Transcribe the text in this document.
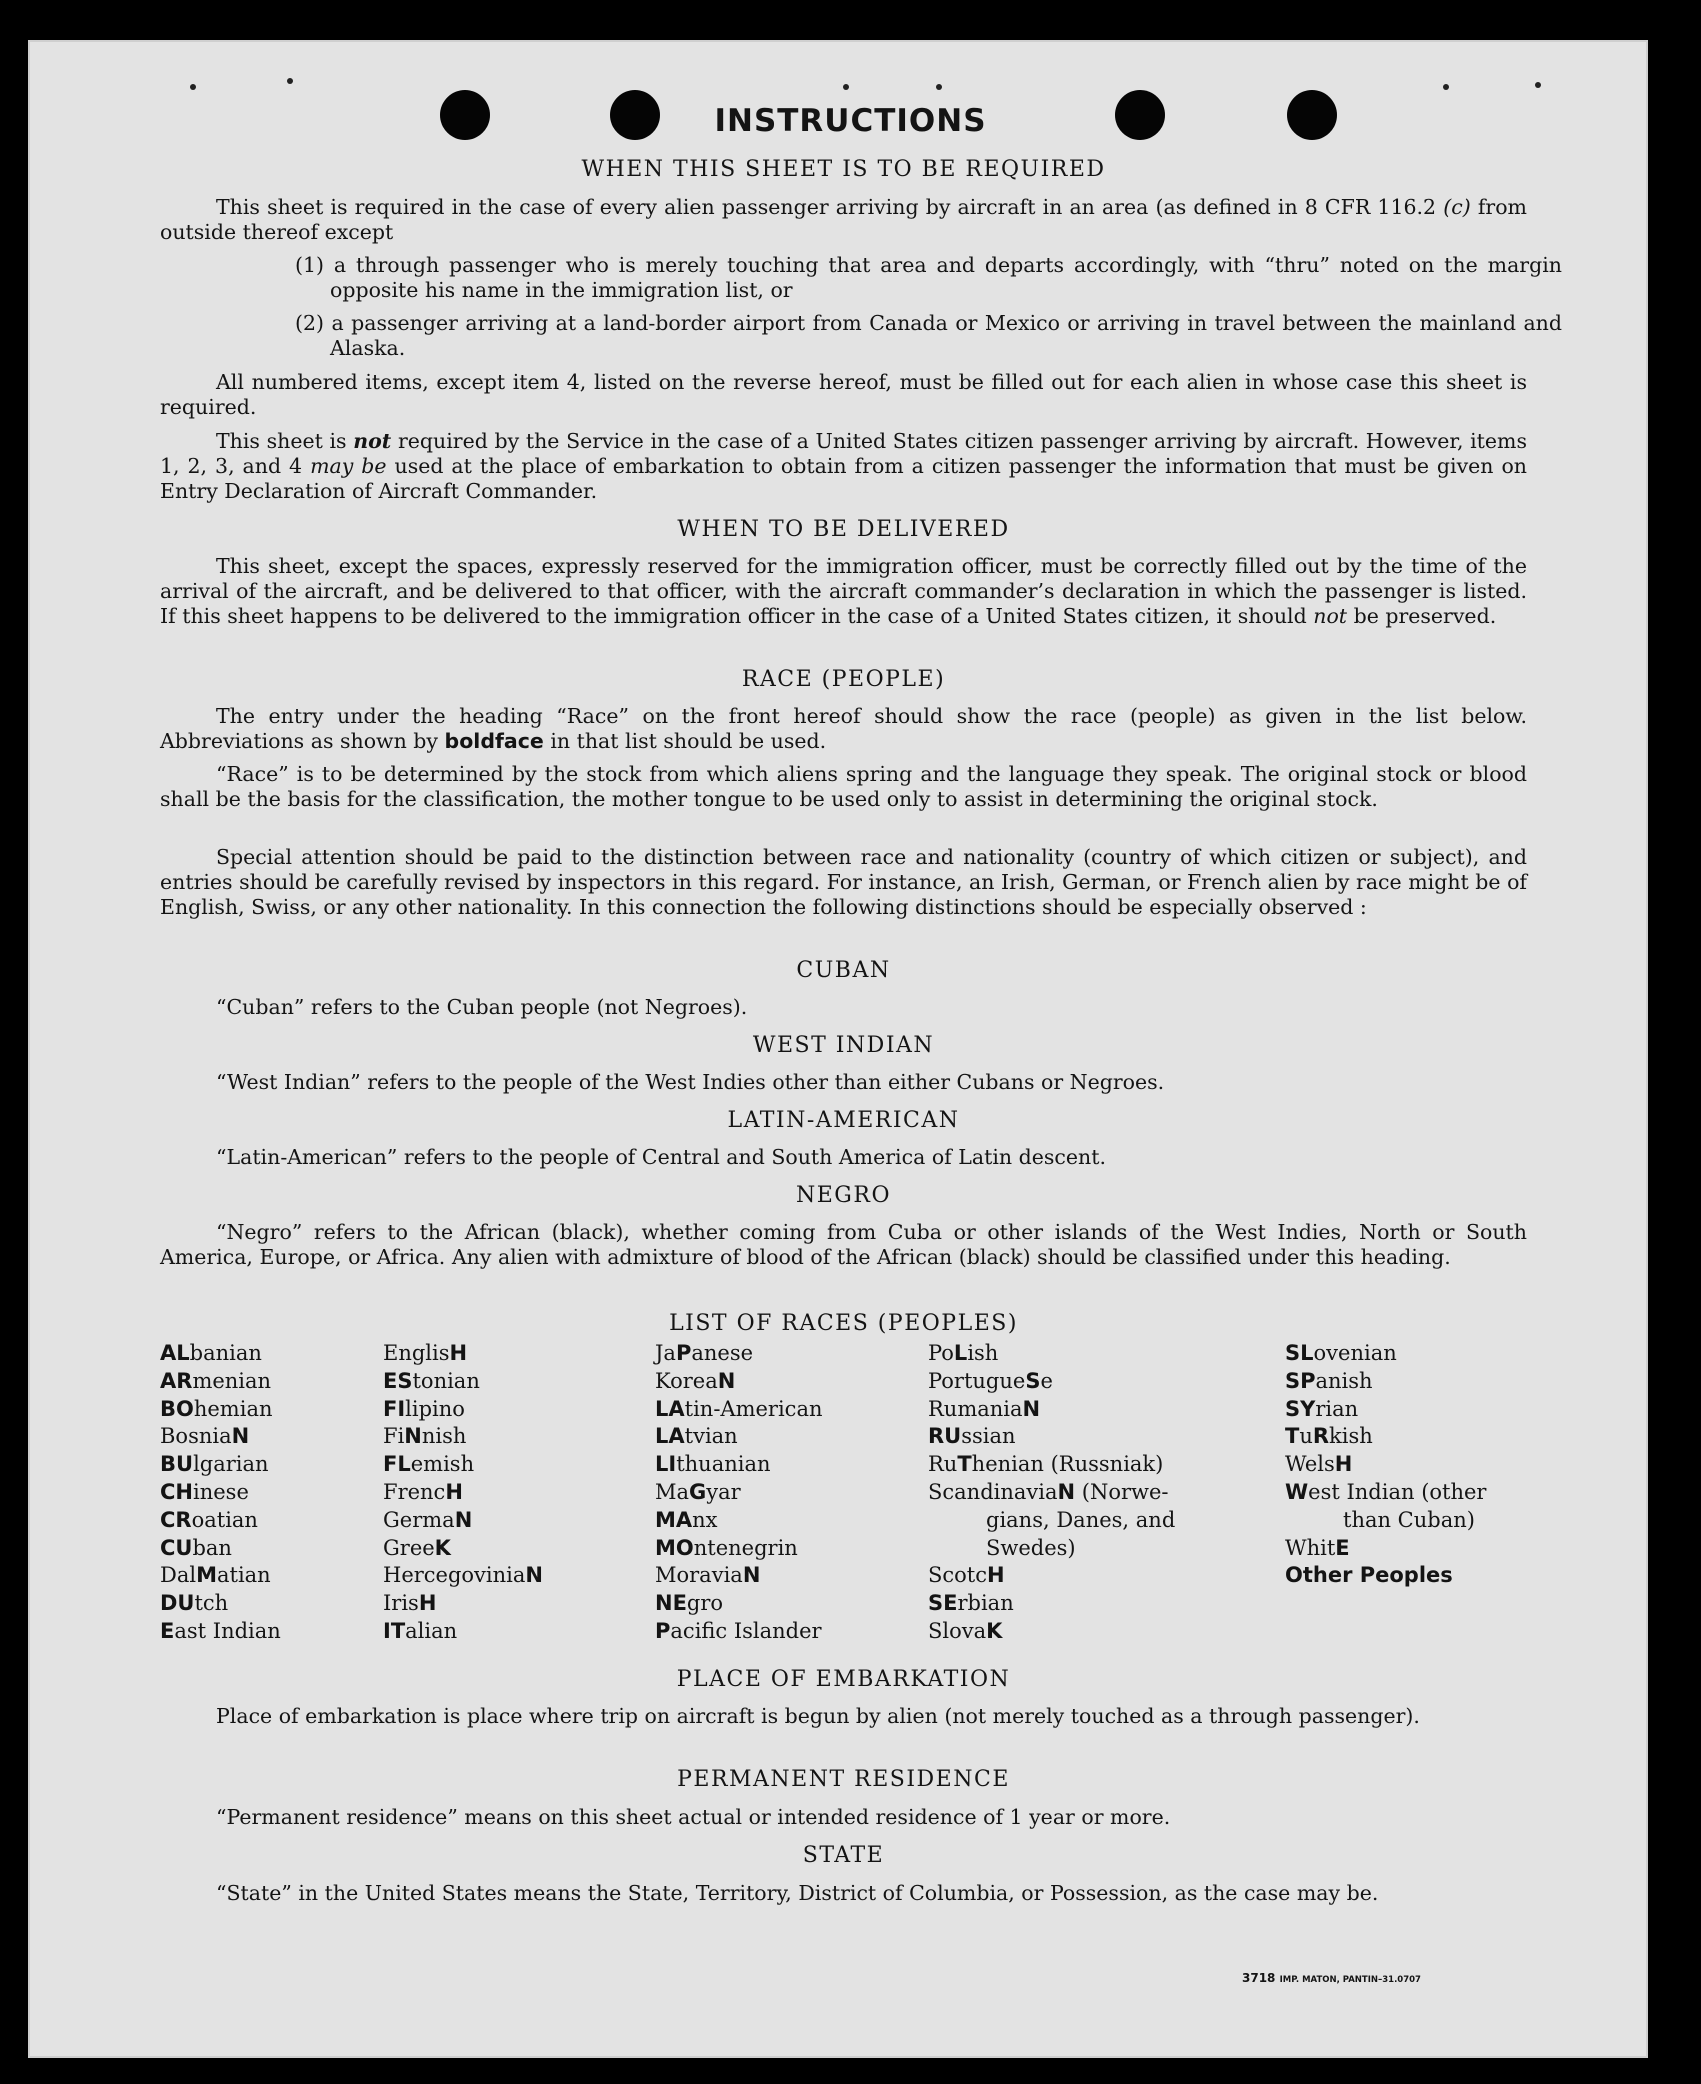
INSTRUCTIONS
WHEN THIS SHEET IS TO BE REQUIRED
This sheet is required in the case of every alien passenger arriving by aircraft in an area (as defined in 8 CFR 116.2 (c) from outside thereof except
(1) a through passenger who is merely touching that area and departs accordingly, with “thru” noted on the margin opposite his name in the immigration list, or
(2) a passenger arriving at a land-border airport from Canada or Mexico or arriving in travel between the mainland and Alaska.
All numbered items, except item 4, listed on the reverse hereof, must be filled out for each alien in whose case this sheet is required.
This sheet is not required by the Service in the case of a United States citizen passenger arriving by aircraft. However, items 1, 2, 3, and 4 may be used at the place of embarkation to obtain from a citizen passenger the information that must be given on Entry Declaration of Aircraft Commander.
WHEN TO BE DELIVERED
This sheet, except the spaces, expressly reserved for the immigration officer, must be correctly filled out by the time of the arrival of the aircraft, and be delivered to that officer, with the aircraft commander’s declaration in which the passenger is listed. If this sheet happens to be delivered to the immigration officer in the case of a United States citizen, it should not be preserved.
RACE (PEOPLE)
The entry under the heading “Race” on the front hereof should show the race (people) as given in the list below. Abbreviations as shown by boldface in that list should be used.
“Race” is to be determined by the stock from which aliens spring and the language they speak. The original stock or blood shall be the basis for the classification, the mother tongue to be used only to assist in determining the original stock.
Special attention should be paid to the distinction between race and nationality (country of which citizen or subject), and entries should be carefully revised by inspectors in this regard. For instance, an Irish, German, or French alien by race might be of English, Swiss, or any other nationality. In this connection the following distinctions should be especially observed :
CUBAN
“Cuban” refers to the Cuban people (not Negroes).
WEST INDIAN
“West Indian” refers to the people of the West Indies other than either Cubans or Negroes.
LATIN-AMERICAN
“Latin-American” refers to the people of Central and South America of Latin descent.
NEGRO
“Negro” refers to the African (black), whether coming from Cuba or other islands of the West Indies, North or South America, Europe, or Africa. Any alien with admixture of blood of the African (black) should be classified under this heading.
LIST OF RACES (PEOPLES)
ALbanian
ARmenian
BOhemian
BosniaN
BUlgarian
CHinese
CRoatian
CUban
DalMatian
DUtch
East Indian
EnglisH
EStonian
FIlipino
FiNnish
FLemish
FrencH
GermaN
GreeK
HercegoviniaN
IrisH
ITalian
JaPanese
KoreaN
LAtin-American
LAtvian
LIthuanian
MaGyar
MAnx
MOntenegrin
MoraviaN
NEgro
Pacific Islander
PoLish
PortugueSe
RumaniaN
RUssian
RuThenian (Russniak)
ScandinaviaN (Norwe-
gians, Danes, and
Swedes)
ScotcH
SErbian
SlovaK
SLovenian
SPanish
SYrian
TuRkish
WelsH
West Indian (other
than Cuban)
WhitE
Other Peoples
PLACE OF EMBARKATION
Place of embarkation is place where trip on aircraft is begun by alien (not merely touched as a through passenger).
PERMANENT RESIDENCE
“Permanent residence” means on this sheet actual or intended residence of 1 year or more.
STATE
“State” in the United States means the State, Territory, District of Columbia, or Possession, as the case may be.
3718 IMP. MATON, PANTIN–31.0707
